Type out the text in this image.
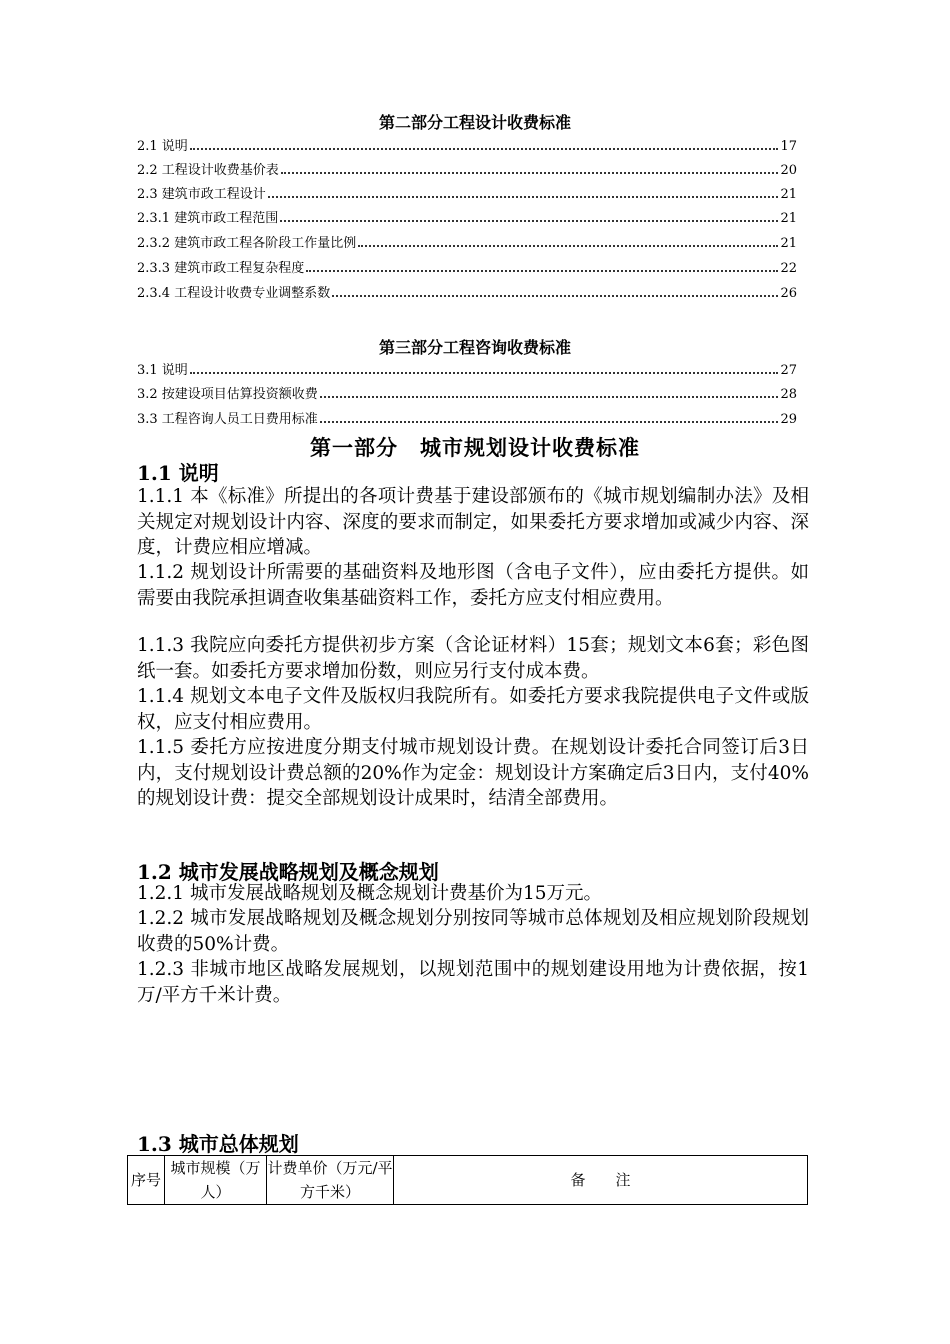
第二部分工程设计收费标准
2.1 说明	17
2.2 工程设计收费基价表	20
2.3 建筑市政工程设计	21
2.3.1 建筑市政工程范围	21
2.3.2 建筑市政工程各阶段工作量比例	21
2.3.3 建筑市政工程复杂程度	22
2.3.4 工程设计收费专业调整系数	26
第三部分工程咨询收费标准
3.1 说明	27
3.2 按建设项目估算投资额收费	28
3.3 工程咨询人员工日费用标准	29
第一部分　城市规划设计收费标准
1.1 说明

1.1.1 本《标准》所提出的各项计费基于建设部颁布的《城市规划编制办法》及相关规定对规划设计内容、深度的要求而制定，如果委托方要求增加或减少内容、深度，计费应相应增减。

1.1.2 规划设计所需要的基础资料及地形图（含电子文件），应由委托方提供。如需要由我院承担调查收集基础资料工作，委托方应支付相应费用。

1.1.3 我院应向委托方提供初步方案（含论证材料）15套；规划文本6套；彩色图纸一套。如委托方要求增加份数，则应另行支付成本费。

1.1.4 规划文本电子文件及版权归我院所有。如委托方要求我院提供电子文件或版权，应支付相应费用。

1.1.5 委托方应按进度分期支付城市规划设计费。在规划设计委托合同签订后3日内，支付规划设计费总额的20%作为定金：规划设计方案确定后3日内，支付40%的规划设计费：提交全部规划设计成果时，结清全部费用。

1.2 城市发展战略规划及概念规划

1.2.1 城市发展战略规划及概念规划计费基价为15万元。

1.2.2 城市发展战略规划及概念规划分别按同等城市总体规划及相应规划阶段规划收费的50%计费。

1.2.3 非城市地区战略发展规划，以规划范围中的规划建设用地为计费依据，按1万/平方千米计费。

1.3 城市总体规划
序号	城市规模（万人）	计费单价（万元/平方千米）	备　　注
